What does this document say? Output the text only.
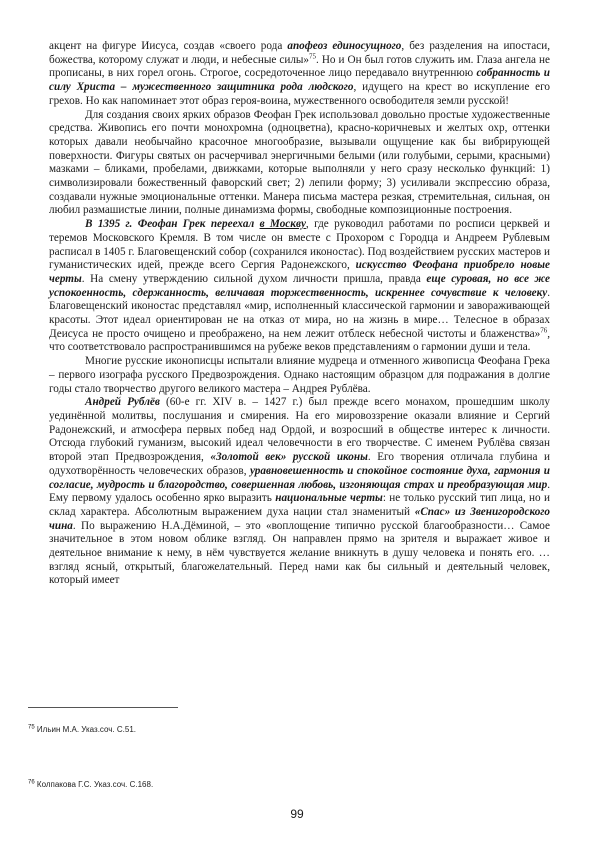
акцент на фигуре Иисуса, создав «своего рода апофеоз единосущного, без разделения на ипостаси, божества, которому служат и люди, и небесные силы»$^{75}$. Но и Он был готов служить им. Глаза ангела не прописаны, в них горел огонь. Строгое, сосредоточенное лицо передавало внутреннюю собранность и силу Христа – мужественного защитника рода людского, идущего на крест во искупление его грехов. Но как напоминает этот образ героя-воина, мужественного освободителя земли русской!

Для создания своих ярких образов Феофан Грек использовал довольно простые художественные средства. Живопись его почти монохромна (одноцветна), красно-коричневых и желтых охр, оттенки которых давали необычайно красочное многообразие, вызывали ощущение как бы вибрирующей поверхности. Фигуры святых он расчерчивал энергичными белыми (или голубыми, серыми, красными) мазками – бликами, пробелами, движками, которые выполняли у него сразу несколько функций: 1) символизировали божественный фаворский свет; 2) лепили форму; 3) усиливали экспрессию образа, создавали нужные эмоциональные оттенки. Манера письма мастера резкая, стремительная, сильная, он любил размашистые линии, полные динамизма формы, свободные композиционные построения.

В 1395 г. Феофан Грек переехал в Москву, где руководил работами по росписи церквей и теремов Московского Кремля. В том числе он вместе с Прохором с Городца и Андреем Рублевым расписал в 1405 г. Благовещенский собор (сохранился иконостас). Под воздействием русских мастеров и гуманистических идей, прежде всего Сергия Радонежского, искусство Феофана приобрело новые черты. На смену утверждению сильной духом личности пришла, правда еще суровая, но все же успокоенность, сдержанность, величавая торжественность, искреннее сочувствие к человеку. Благовещенский иконостас представлял «мир, исполненный классической гармонии и завораживающей красоты. Этот идеал ориентирован не на отказ от мира, но на жизнь в мире… Телесное в образах Деисуса не просто очищено и преображено, на нем лежит отблеск небесной чистоты и блаженства»$^{76}$, что соответствовало распространившимся на рубеже веков представлениям о гармонии души и тела.

Многие русские иконописцы испытали влияние мудреца и отменного живописца Феофана Грека – первого изографа русского Предвозрождения. Однако настоящим образцом для подражания в долгие годы стало творчество другого великого мастера – Андрея Рублёва.

Андрей Рублёв (60-е гг. XIV в. – 1427 г.) был прежде всего монахом, прошедшим школу уединённой молитвы, послушания и смирения. На его мировоззрение оказали влияние и Сергий Радонежский, и атмосфера первых побед над Ордой, и возросший в обществе интерес к личности. Отсюда глубокий гуманизм, высокий идеал человечности в его творчестве. С именем Рублёва связан второй этап Предвозрождения, «Золотой век» русской иконы. Его творения отличала глубина и одухотворённость человеческих образов, уравновешенность и спокойное состояние духа, гармония и согласие, мудрость и благородство, совершенная любовь, изгоняющая страх и преобразующая мир. Ему первому удалось особенно ярко выразить национальные черты: не только русский тип лица, но и склад характера. Абсолютным выражением духа нации стал знаменитый «Спас» из Звенигородского чина. По выражению Н.А.Дёминой, – это «воплощение типично русской благообразности… Самое значительное в этом новом облике взгляд. Он направлен прямо на зрителя и выражает живое и деятельное внимание к нему, в нём чувствуется желание вникнуть в душу человека и понять его. … взгляд ясный, открытый, благожелательный. Перед нами как бы сильный и деятельный человек, который имеет

$^{75}$ Ильин М.А. Указ.соч. С.51.
$^{76}$ Колпакова Г.С. Указ.соч. С.168.
99
